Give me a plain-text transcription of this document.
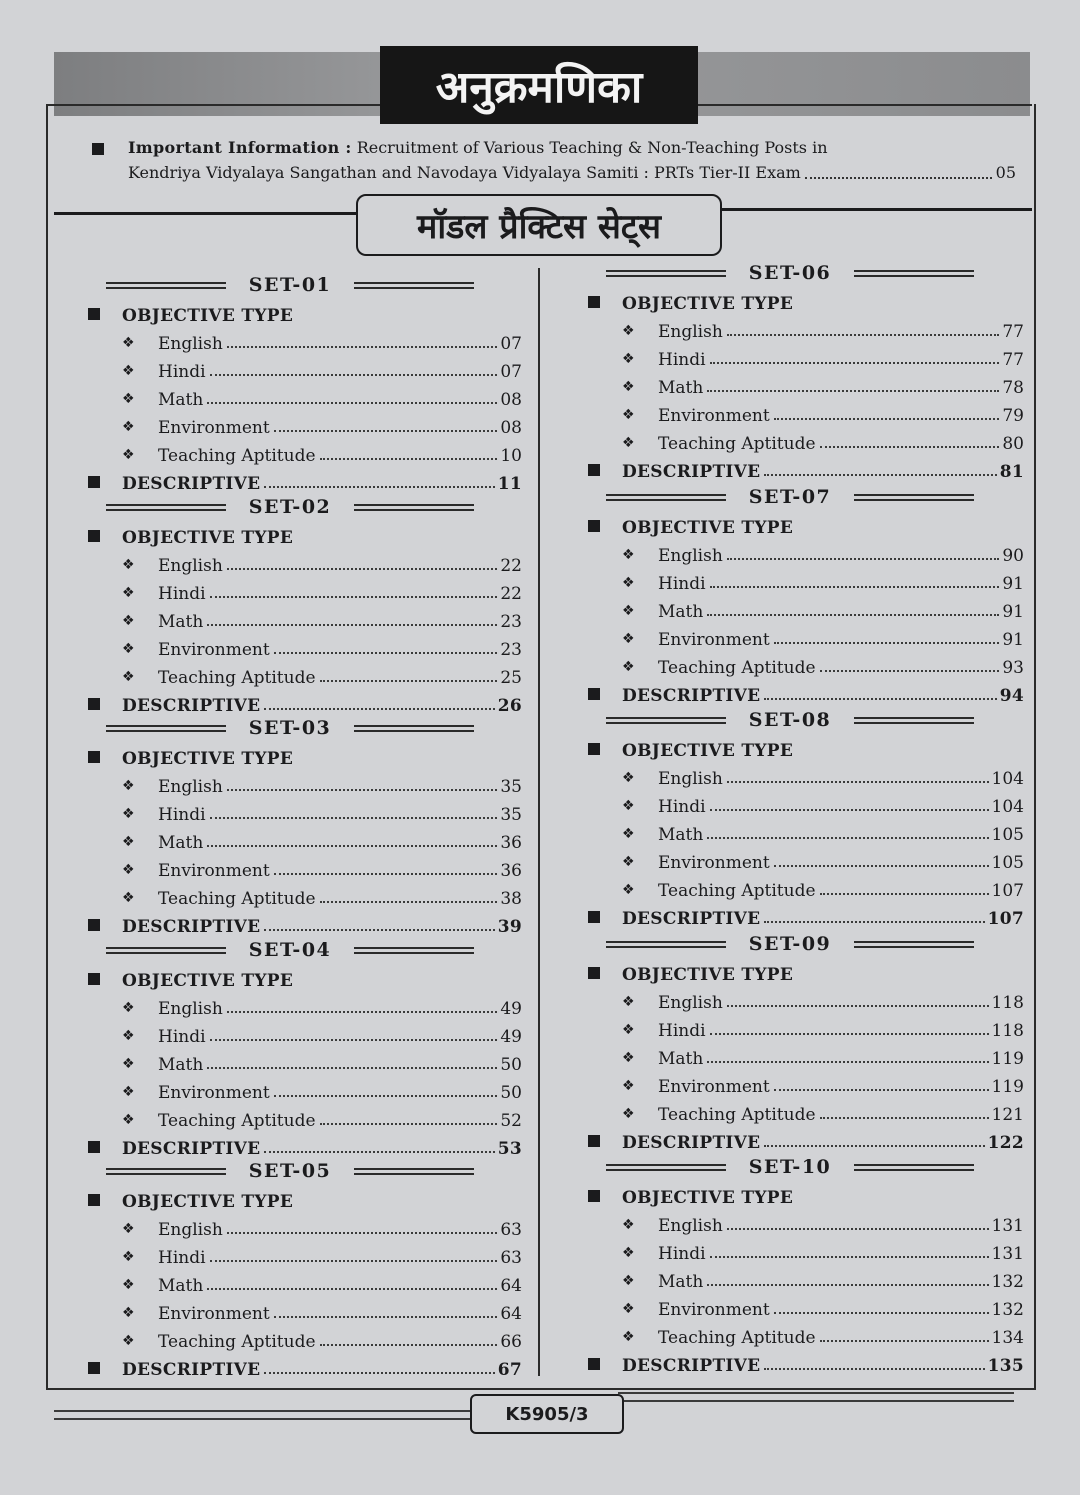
अनुक्रमणिका
Important Information : Recruitment of Various Teaching & Non-Teaching Posts in
Kendriya Vidyalaya Sangathan and Navodaya Vidyalaya Samiti : PRTs Tier-II Exam	05
मॉडल प्रैक्टिस सेट्स
SET-01
OBJECTIVE TYPE
❖ English	07
❖ Hindi	07
❖ Math	08
❖ Environment	08
❖ Teaching Aptitude	10
DESCRIPTIVE	11
SET-02
OBJECTIVE TYPE
❖ English	22
❖ Hindi	22
❖ Math	23
❖ Environment	23
❖ Teaching Aptitude	25
DESCRIPTIVE	26
SET-03
OBJECTIVE TYPE
❖ English	35
❖ Hindi	35
❖ Math	36
❖ Environment	36
❖ Teaching Aptitude	38
DESCRIPTIVE	39
SET-04
OBJECTIVE TYPE
❖ English	49
❖ Hindi	49
❖ Math	50
❖ Environment	50
❖ Teaching Aptitude	52
DESCRIPTIVE	53
SET-05
OBJECTIVE TYPE
❖ English	63
❖ Hindi	63
❖ Math	64
❖ Environment	64
❖ Teaching Aptitude	66
DESCRIPTIVE	67
SET-06
OBJECTIVE TYPE
❖ English	77
❖ Hindi	77
❖ Math	78
❖ Environment	79
❖ Teaching Aptitude	80
DESCRIPTIVE	81
SET-07
OBJECTIVE TYPE
❖ English	90
❖ Hindi	91
❖ Math	91
❖ Environment	91
❖ Teaching Aptitude	93
DESCRIPTIVE	94
SET-08
OBJECTIVE TYPE
❖ English	104
❖ Hindi	104
❖ Math	105
❖ Environment	105
❖ Teaching Aptitude	107
DESCRIPTIVE	107
SET-09
OBJECTIVE TYPE
❖ English	118
❖ Hindi	118
❖ Math	119
❖ Environment	119
❖ Teaching Aptitude	121
DESCRIPTIVE	122
SET-10
OBJECTIVE TYPE
❖ English	131
❖ Hindi	131
❖ Math	132
❖ Environment	132
❖ Teaching Aptitude	134
DESCRIPTIVE	135
K5905/3
